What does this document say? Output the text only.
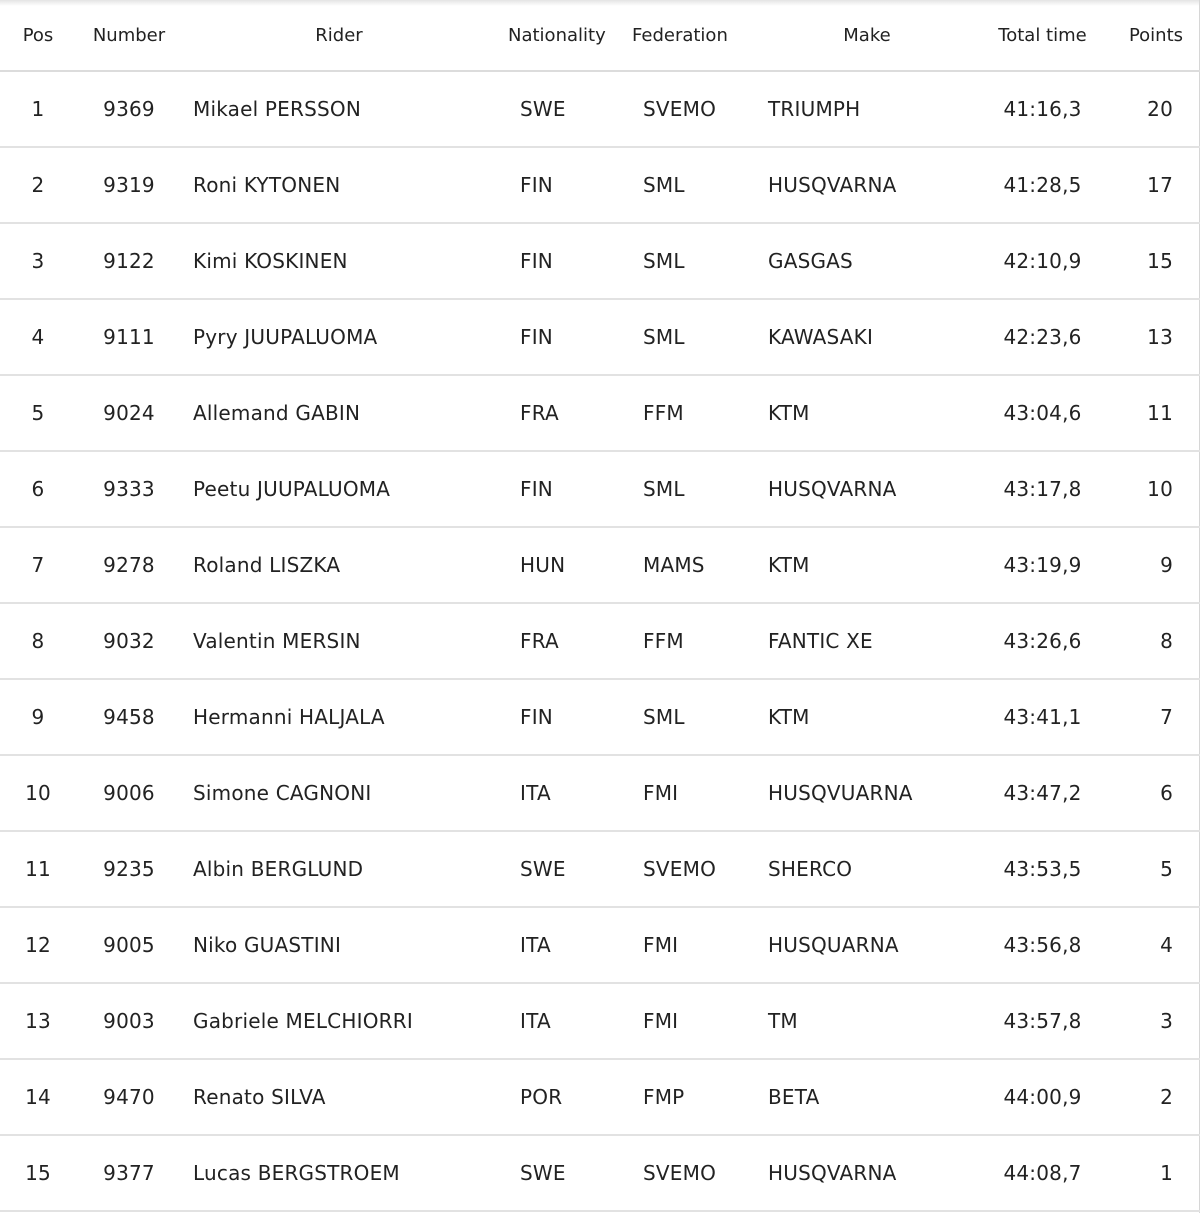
Pos	Number	Rider	Nationality	Federation	Make	Total time	Points
1	9369	Mikael PERSSON	SWE	SVEMO	TRIUMPH	41:16,3	20
2	9319	Roni KYTONEN	FIN	SML	HUSQVARNA	41:28,5	17
3	9122	Kimi KOSKINEN	FIN	SML	GASGAS	42:10,9	15
4	9111	Pyry JUUPALUOMA	FIN	SML	KAWASAKI	42:23,6	13
5	9024	Allemand GABIN	FRA	FFM	KTM	43:04,6	11
6	9333	Peetu JUUPALUOMA	FIN	SML	HUSQVARNA	43:17,8	10
7	9278	Roland LISZKA	HUN	MAMS	KTM	43:19,9	9
8	9032	Valentin MERSIN	FRA	FFM	FANTIC XE	43:26,6	8
9	9458	Hermanni HALJALA	FIN	SML	KTM	43:41,1	7
10	9006	Simone CAGNONI	ITA	FMI	HUSQVUARNA	43:47,2	6
11	9235	Albin BERGLUND	SWE	SVEMO	SHERCO	43:53,5	5
12	9005	Niko GUASTINI	ITA	FMI	HUSQUARNA	43:56,8	4
13	9003	Gabriele MELCHIORRI	ITA	FMI	TM	43:57,8	3
14	9470	Renato SILVA	POR	FMP	BETA	44:00,9	2
15	9377	Lucas BERGSTROEM	SWE	SVEMO	HUSQVARNA	44:08,7	1
